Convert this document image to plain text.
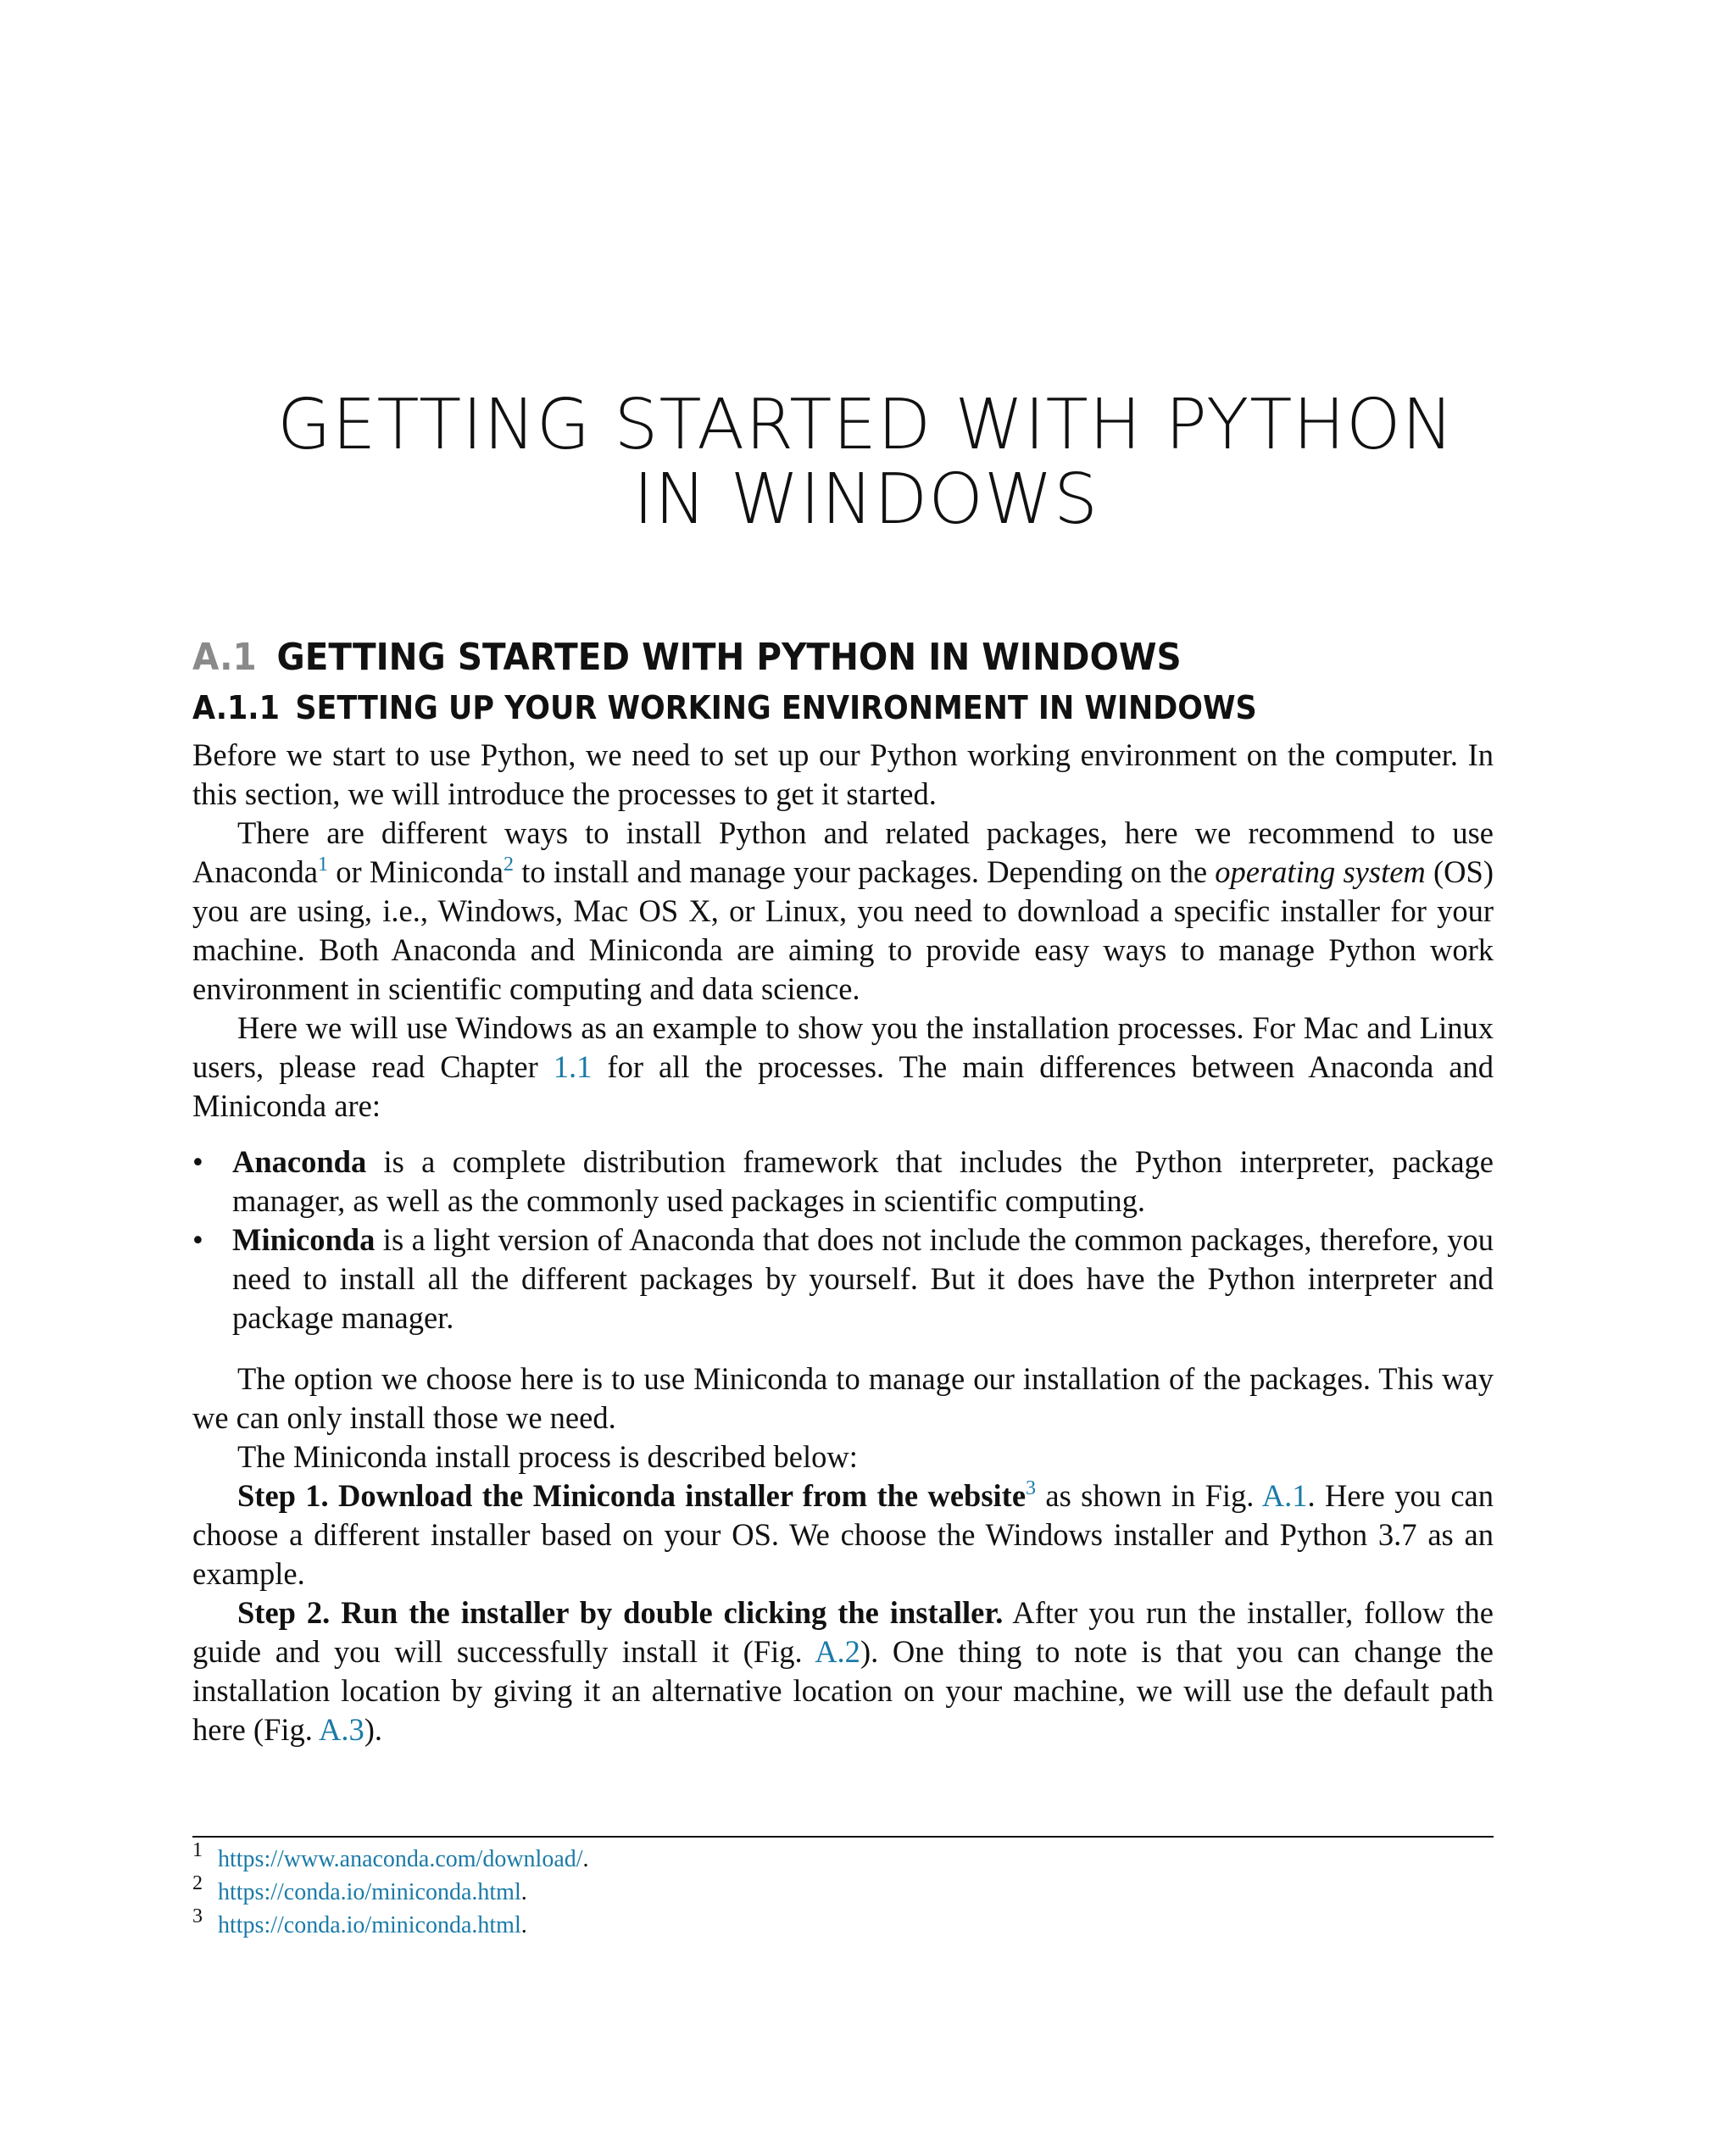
GETTING STARTED WITH PYTHON
IN WINDOWS
A.1 GETTING STARTED WITH PYTHON IN WINDOWS
A.1.1 SETTING UP YOUR WORKING ENVIRONMENT IN WINDOWS

Before we start to use Python, we need to set up our Python working environment on the computer. In this section, we will introduce the processes to get it started.

There are different ways to install Python and related packages, here we recommend to use Anaconda$^1$ or Miniconda$^2$ to install and manage your packages. Depending on the operating system (OS) you are using, i.e., Windows, Mac OS X, or Linux, you need to download a specific installer for your machine. Both Anaconda and Miniconda are aiming to provide easy ways to manage Python work environment in scientific computing and data science.

Here we will use Windows as an example to show you the installation processes. For Mac and Linux users, please read Chapter 1.1 for all the processes. The main differences between Anaconda and Miniconda are:

• Anaconda is a complete distribution framework that includes the Python interpreter, package manager, as well as the commonly used packages in scientific computing.
• Miniconda is a light version of Anaconda that does not include the common packages, therefore, you need to install all the different packages by yourself. But it does have the Python interpreter and package manager.

The option we choose here is to use Miniconda to manage our installation of the packages. This way we can only install those we need.

The Miniconda install process is described below:

Step 1. Download the Miniconda installer from the website$^3$ as shown in Fig. A.1. Here you can choose a different installer based on your OS. We choose the Windows installer and Python 3.7 as an example.

Step 2. Run the installer by double clicking the installer. After you run the installer, follow the guide and you will successfully install it (Fig. A.2). One thing to note is that you can change the installation location by giving it an alternative location on your machine, we will use the default path here (Fig. A.3).

1 https://www.anaconda.com/download/.
2 https://conda.io/miniconda.html.
3 https://conda.io/miniconda.html.
